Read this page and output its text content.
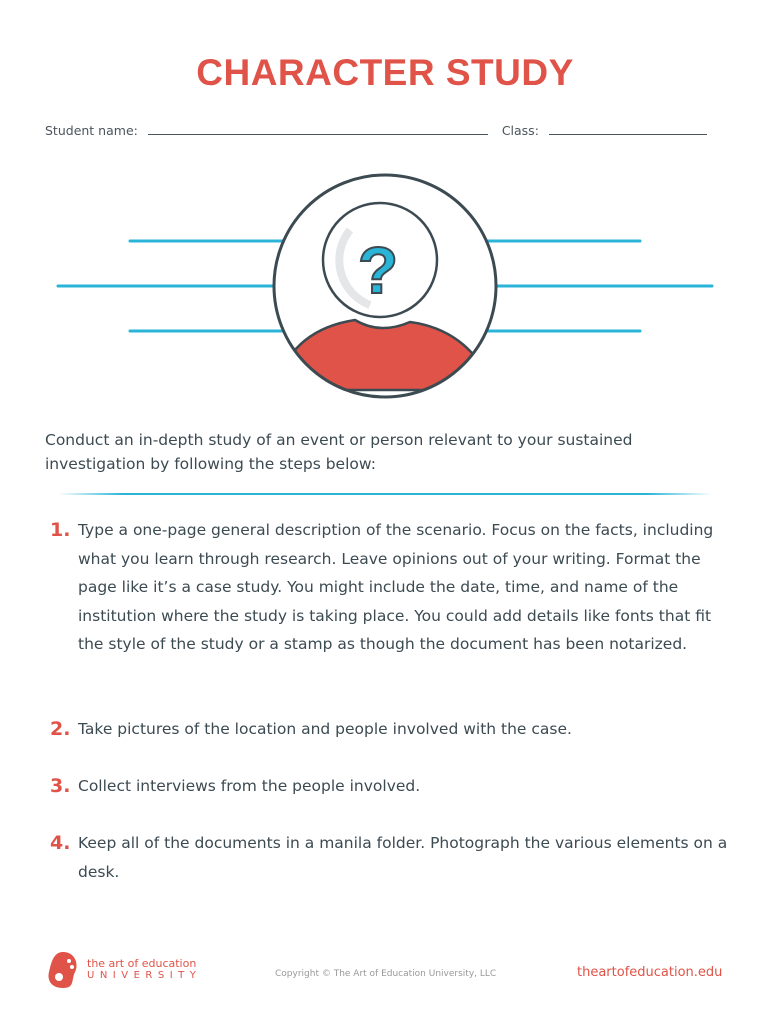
CHARACTER STUDY
Student name:	Class:
?
Conduct an in-depth study of an event or person relevant to your sustained investigation by following the steps below:
1. Type a one-page general description of the scenario. Focus on the facts, including what you learn through research. Leave opinions out of your writing. Format the page like it’s a case study. You might include the date, time, and name of the institution where the study is taking place. You could add details like fonts that fit the style of the study or a stamp as though the document has been notarized.
2. Take pictures of the location and people involved with the case.
3. Collect interviews from the people involved.
4. Keep all of the documents in a manila folder. Photograph the various elements on a desk.
the art of education
UNIVERSITY	Copyright © The Art of Education University, LLC	theartofeducation.edu
